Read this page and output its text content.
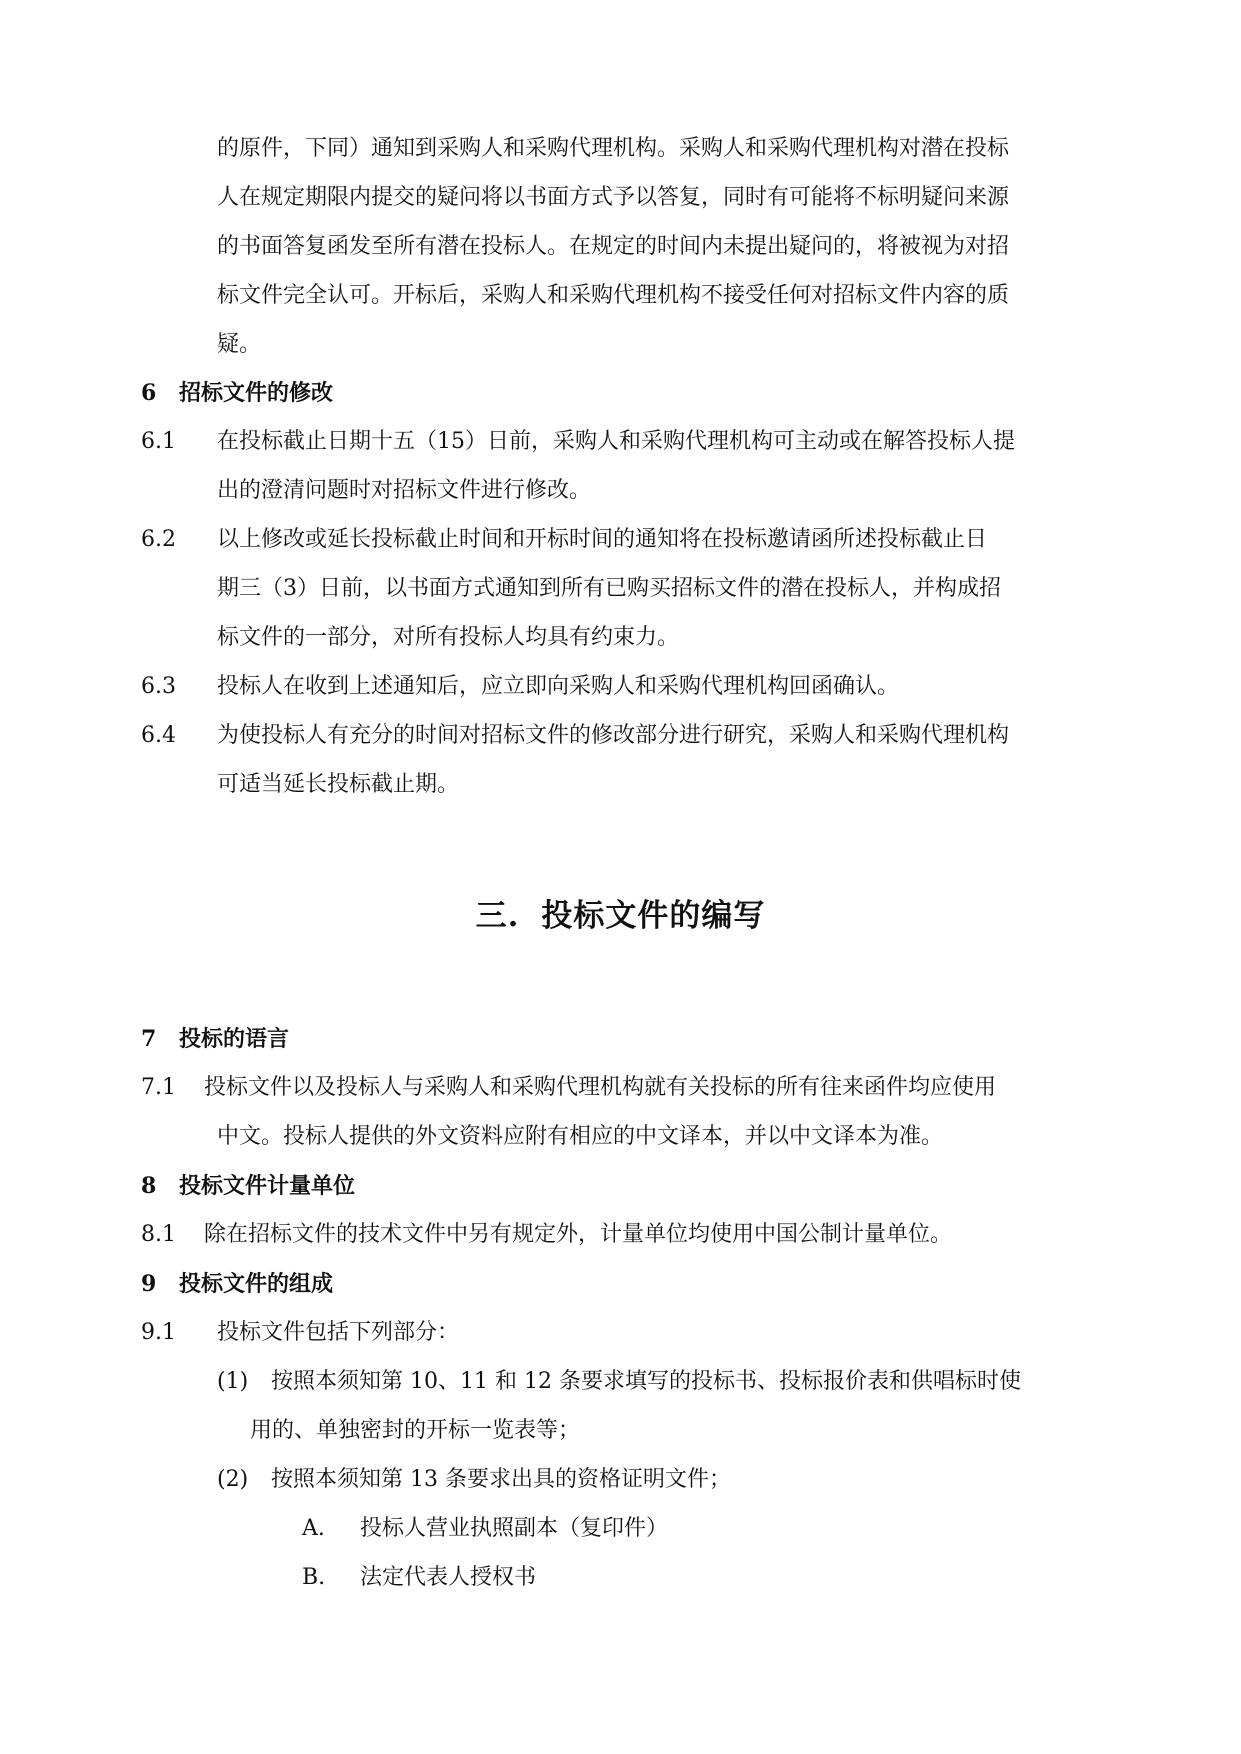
的原件，下同）通知到采购人和采购代理机构。采购人和采购代理机构对潜在投标
人在规定期限内提交的疑问将以书面方式予以答复，同时有可能将不标明疑问来源
的书面答复函发至所有潜在投标人。在规定的时间内未提出疑问的，将被视为对招
标文件完全认可。开标后，采购人和采购代理机构不接受任何对招标文件内容的质
疑。
6 招标文件的修改
6.1 在投标截止日期十五（15）日前，采购人和采购代理机构可主动或在解答投标人提
出的澄清问题时对招标文件进行修改。
6.2 以上修改或延长投标截止时间和开标时间的通知将在投标邀请函所述投标截止日
期三（3）日前，以书面方式通知到所有已购买招标文件的潜在投标人，并构成招
标文件的一部分，对所有投标人均具有约束力。
6.3 投标人在收到上述通知后，应立即向采购人和采购代理机构回函确认。
6.4 为使投标人有充分的时间对招标文件的修改部分进行研究，采购人和采购代理机构
可适当延长投标截止期。
三. 投标文件的编写
7 投标的语言
7.1 投标文件以及投标人与采购人和采购代理机构就有关投标的所有往来函件均应使用
中文。投标人提供的外文资料应附有相应的中文译本，并以中文译本为准。
8 投标文件计量单位
8.1 除在招标文件的技术文件中另有规定外，计量单位均使用中国公制计量单位。
9 投标文件的组成
9.1 投标文件包括下列部分：
(1) 按照本须知第 10、11 和 12 条要求填写的投标书、投标报价表和供唱标时使
用的、单独密封的开标一览表等；
(2) 按照本须知第 13 条要求出具的资格证明文件；
A. 投标人营业执照副本（复印件）
B. 法定代表人授权书
